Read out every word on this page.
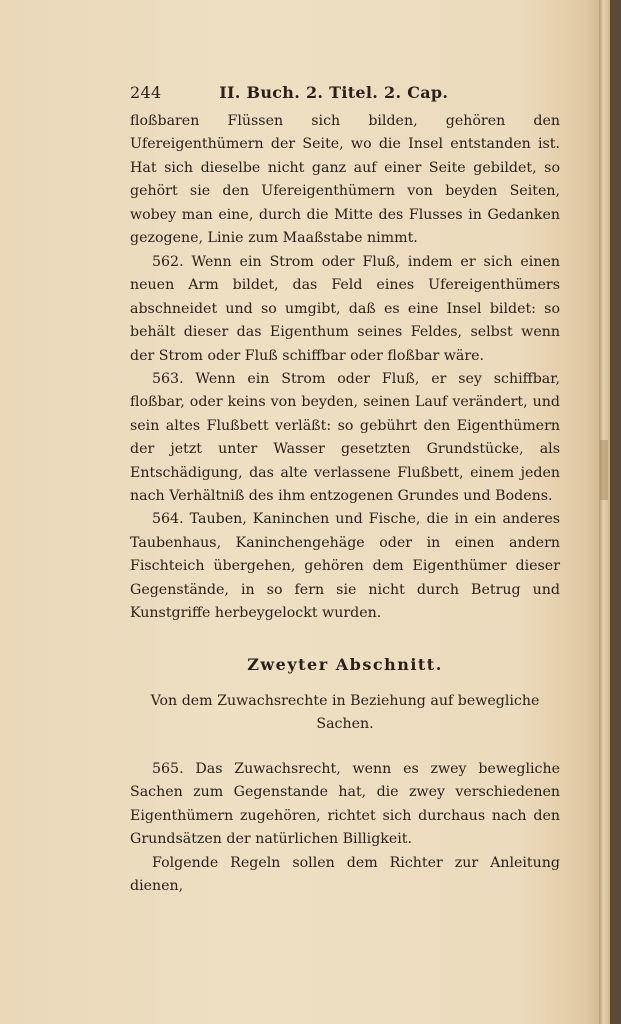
244	II. Buch. 2. Titel. 2. Cap.

floßbaren Flüssen sich bilden, gehören den Ufereigenthümern der Seite, wo die Insel entstanden ist. Hat sich dieselbe nicht ganz auf einer Seite gebildet, so gehört sie den Ufereigenthümern von beyden Seiten, wobey man eine, durch die Mitte des Flusses in Gedanken gezogene, Linie zum Maaßstabe nimmt.

562. Wenn ein Strom oder Fluß, indem er sich einen neuen Arm bildet, das Feld eines Ufereigenthümers abschneidet und so umgibt, daß es eine Insel bildet: so behält dieser das Eigenthum seines Feldes, selbst wenn der Strom oder Fluß schiffbar oder floßbar wäre.

563. Wenn ein Strom oder Fluß, er sey schiffbar, floßbar, oder keins von beyden, seinen Lauf verändert, und sein altes Flußbett verläßt: so gebührt den Eigenthümern der jetzt unter Wasser gesetzten Grundstücke, als Entschädigung, das alte verlassene Flußbett, einem jeden nach Verhältniß des ihm entzogenen Grundes und Bodens.

564. Tauben, Kaninchen und Fische, die in ein anderes Taubenhaus, Kaninchengehäge oder in einen andern Fischteich übergehen, gehören dem Eigenthümer dieser Gegenstände, in so fern sie nicht durch Betrug und Kunstgriffe herbeygelockt wurden.

Zweyter Abschnitt.
Von dem Zuwachsrechte in Beziehung auf bewegliche Sachen.

565. Das Zuwachsrecht, wenn es zwey bewegliche Sachen zum Gegenstande hat, die zwey verschiedenen Eigenthümern zugehören, richtet sich durchaus nach den Grundsätzen der natürlichen Billigkeit.

Folgende Regeln sollen dem Richter zur Anleitung dienen,
